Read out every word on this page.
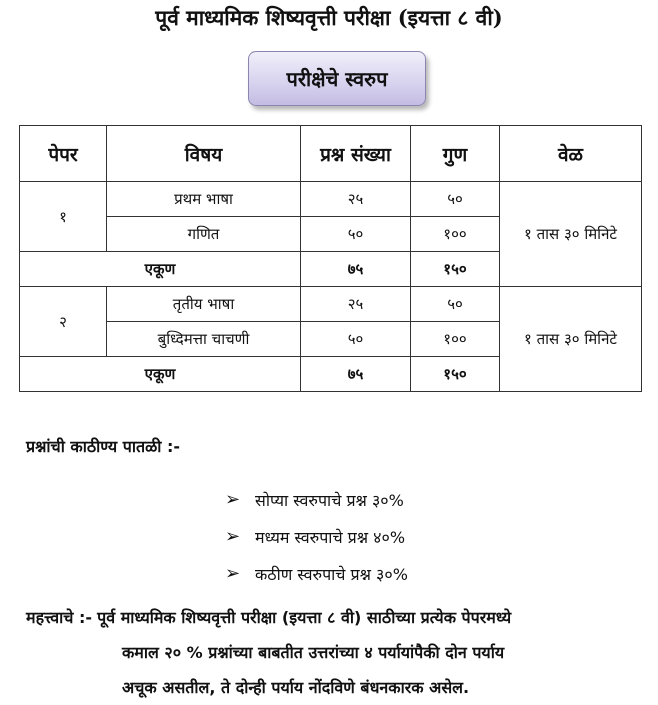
पूर्व माध्यमिक शिष्यवृत्ती परीक्षा (इयत्ता ८ वी)
परीक्षेचे स्वरुप
पेपर	विषय	प्रश्न संख्या	गुण	वेळ
१	प्रथम भाषा	२५	५०	१ तास ३० मिनिटे
	गणित	५०	१००	
एकूण		७५	१५०	
२	तृतीय भाषा	२५	५०	१ तास ३० मिनिटे
	बुध्दिमत्ता चाचणी	५०	१००	
एकूण		७५	१५०	
प्रश्नांची काठीण्य पातळी :-
➢ सोप्या स्वरुपाचे प्रश्न ३०%
➢ मध्यम स्वरुपाचे प्रश्न ४०%
➢ कठीण स्वरुपाचे प्रश्न ३०%
महत्त्वाचे :- पूर्व माध्यमिक शिष्यवृत्ती परीक्षा (इयत्ता ८ वी) साठीच्या प्रत्येक पेपरमध्ये
कमाल २० % प्रश्नांच्या बाबतीत उत्तरांच्या ४ पर्यायांपैकी दोन पर्याय
अचूक असतील, ते दोन्ही पर्याय नोंदविणे बंधनकारक असेल.
